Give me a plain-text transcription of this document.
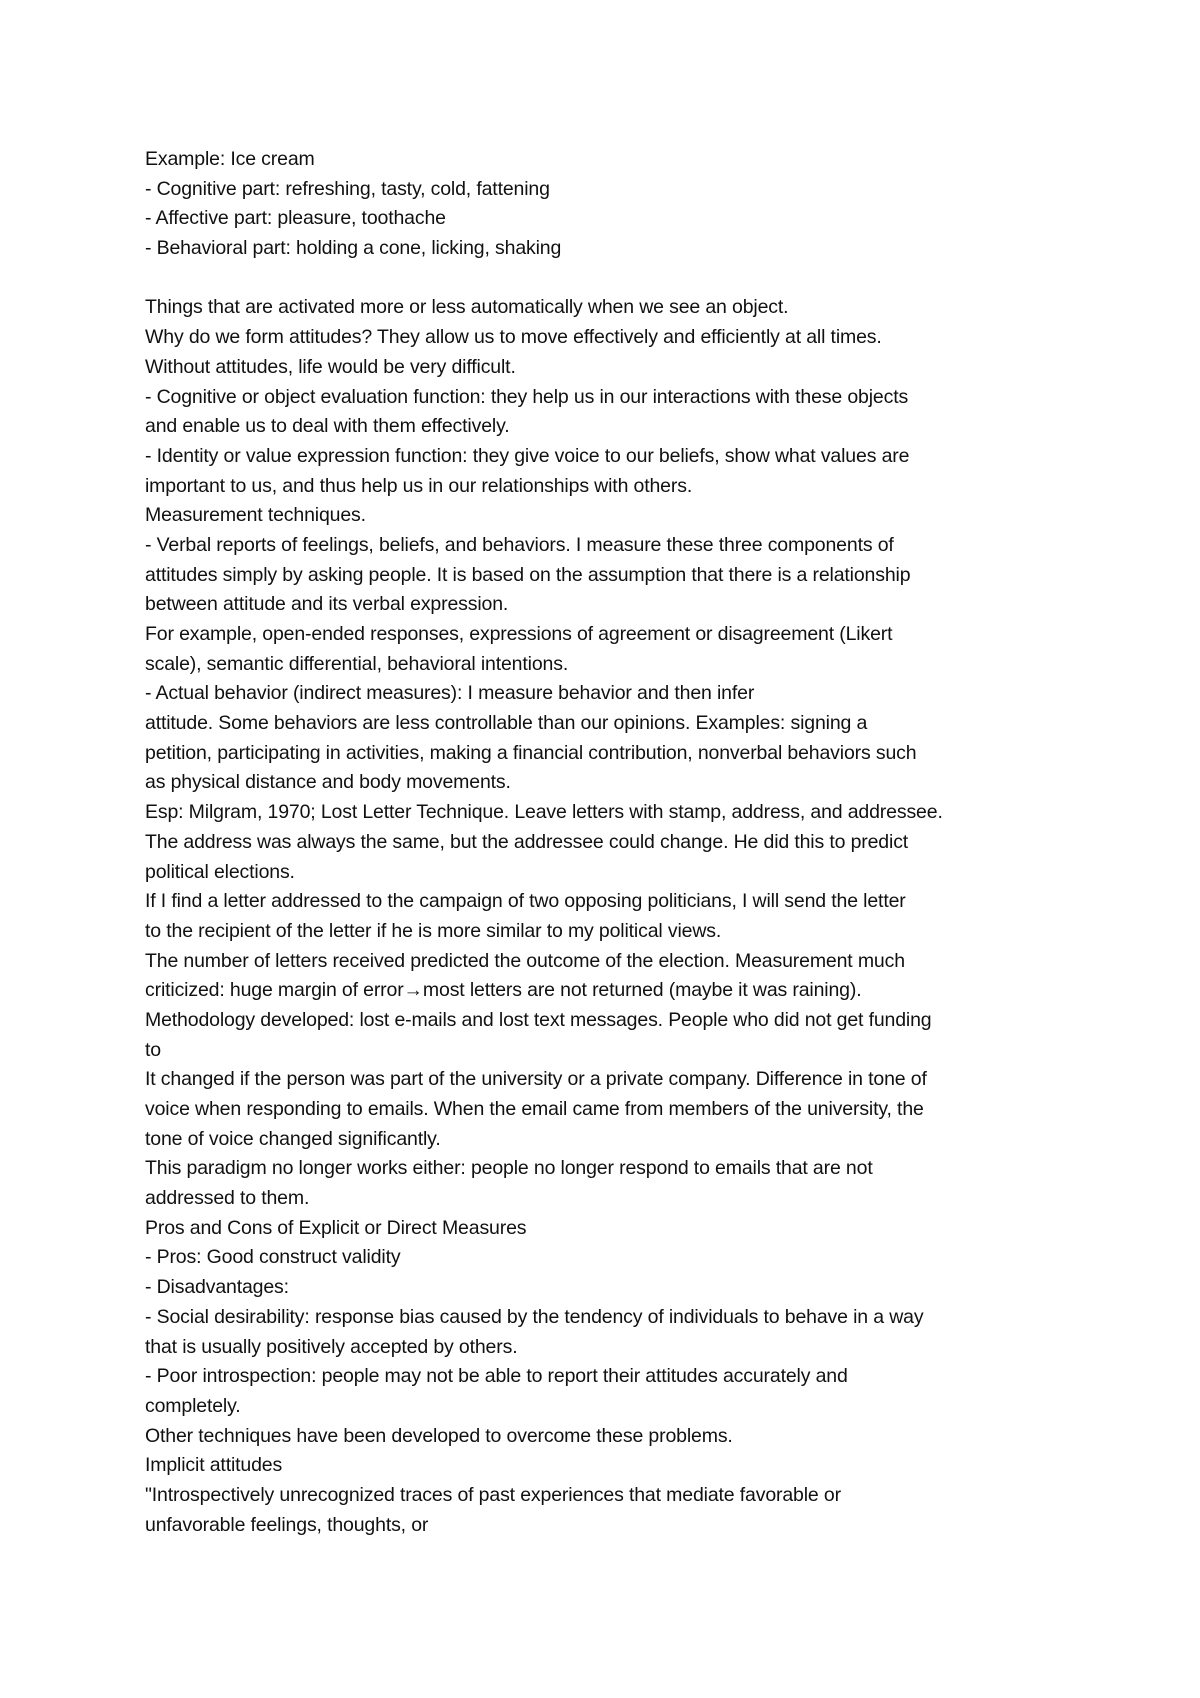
Example: Ice cream
- Cognitive part: refreshing, tasty, cold, fattening
- Affective part: pleasure, toothache
- Behavioral part: holding a cone, licking, shaking
Things that are activated more or less automatically when we see an object.
Why do we form attitudes? They allow us to move effectively and efficiently at all times.
Without attitudes, life would be very difficult.
- Cognitive or object evaluation function: they help us in our interactions with these objects
and enable us to deal with them effectively.
- Identity or value expression function: they give voice to our beliefs, show what values are
important to us, and thus help us in our relationships with others.
Measurement techniques.
- Verbal reports of feelings, beliefs, and behaviors. I measure these three components of
attitudes simply by asking people. It is based on the assumption that there is a relationship
between attitude and its verbal expression.
For example, open-ended responses, expressions of agreement or disagreement (Likert
scale), semantic differential, behavioral intentions.
- Actual behavior (indirect measures): I measure behavior and then infer
attitude. Some behaviors are less controllable than our opinions. Examples: signing a
petition, participating in activities, making a financial contribution, nonverbal behaviors such
as physical distance and body movements.
Esp: Milgram, 1970; Lost Letter Technique. Leave letters with stamp, address, and addressee.
The address was always the same, but the addressee could change. He did this to predict
political elections.
If I find a letter addressed to the campaign of two opposing politicians, I will send the letter
to the recipient of the letter if he is more similar to my political views.
The number of letters received predicted the outcome of the election. Measurement much
criticized: huge margin of error→most letters are not returned (maybe it was raining).
Methodology developed: lost e-mails and lost text messages. People who did not get funding
to
It changed if the person was part of the university or a private company. Difference in tone of
voice when responding to emails. When the email came from members of the university, the
tone of voice changed significantly.
This paradigm no longer works either: people no longer respond to emails that are not
addressed to them.
Pros and Cons of Explicit or Direct Measures
- Pros: Good construct validity
- Disadvantages:
- Social desirability: response bias caused by the tendency of individuals to behave in a way
that is usually positively accepted by others.
- Poor introspection: people may not be able to report their attitudes accurately and
completely.
Other techniques have been developed to overcome these problems.
Implicit attitudes
"Introspectively unrecognized traces of past experiences that mediate favorable or
unfavorable feelings, thoughts, or
